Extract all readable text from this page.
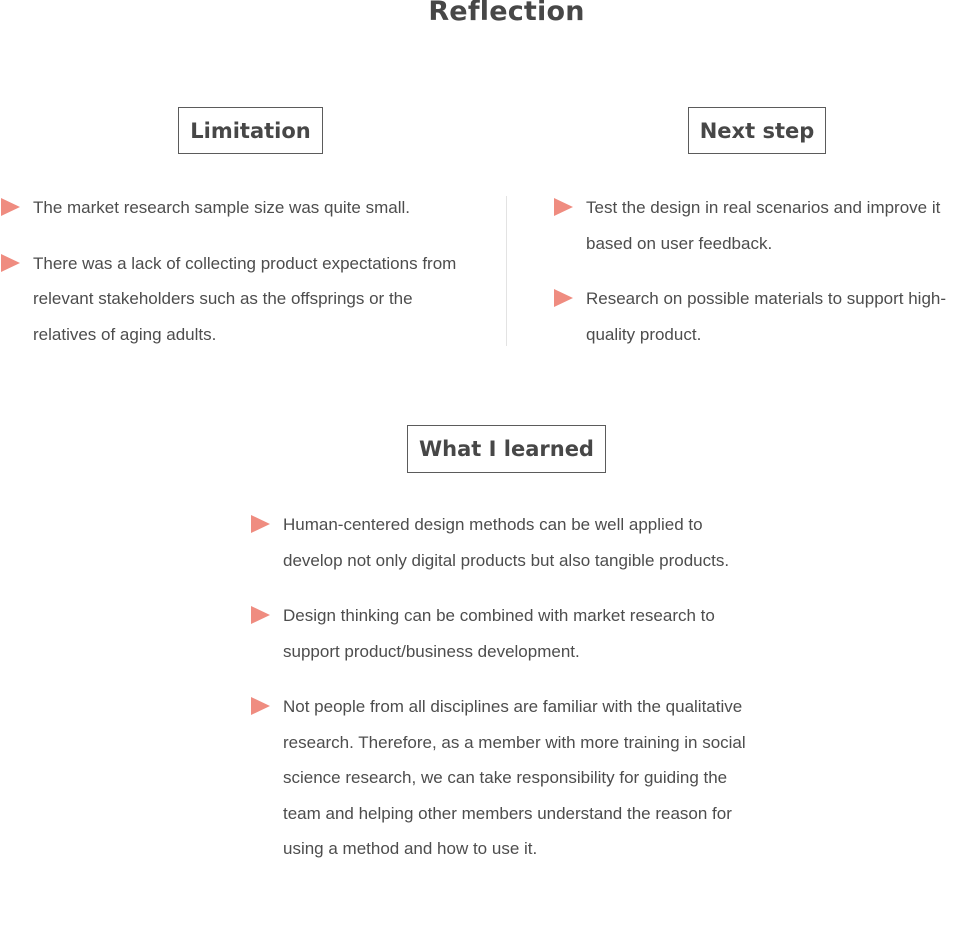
Reflection
Limitation
The market research sample size was quite small.
There was a lack of collecting product expectations from relevant stakeholders such as the offsprings or the relatives of aging adults.
Next step
Test the design in real scenarios and improve it based on user feedback.
Research on possible materials to support high-quality product.
What I learned
Human-centered design methods can be well applied to develop not only digital products but also tangible products.
Design thinking can be combined with market research to support product/business development.
Not people from all disciplines are familiar with the qualitative research. Therefore, as a member with more training in social science research, we can take responsibility for guiding the team and helping other members understand the reason for using a method and how to use it.
